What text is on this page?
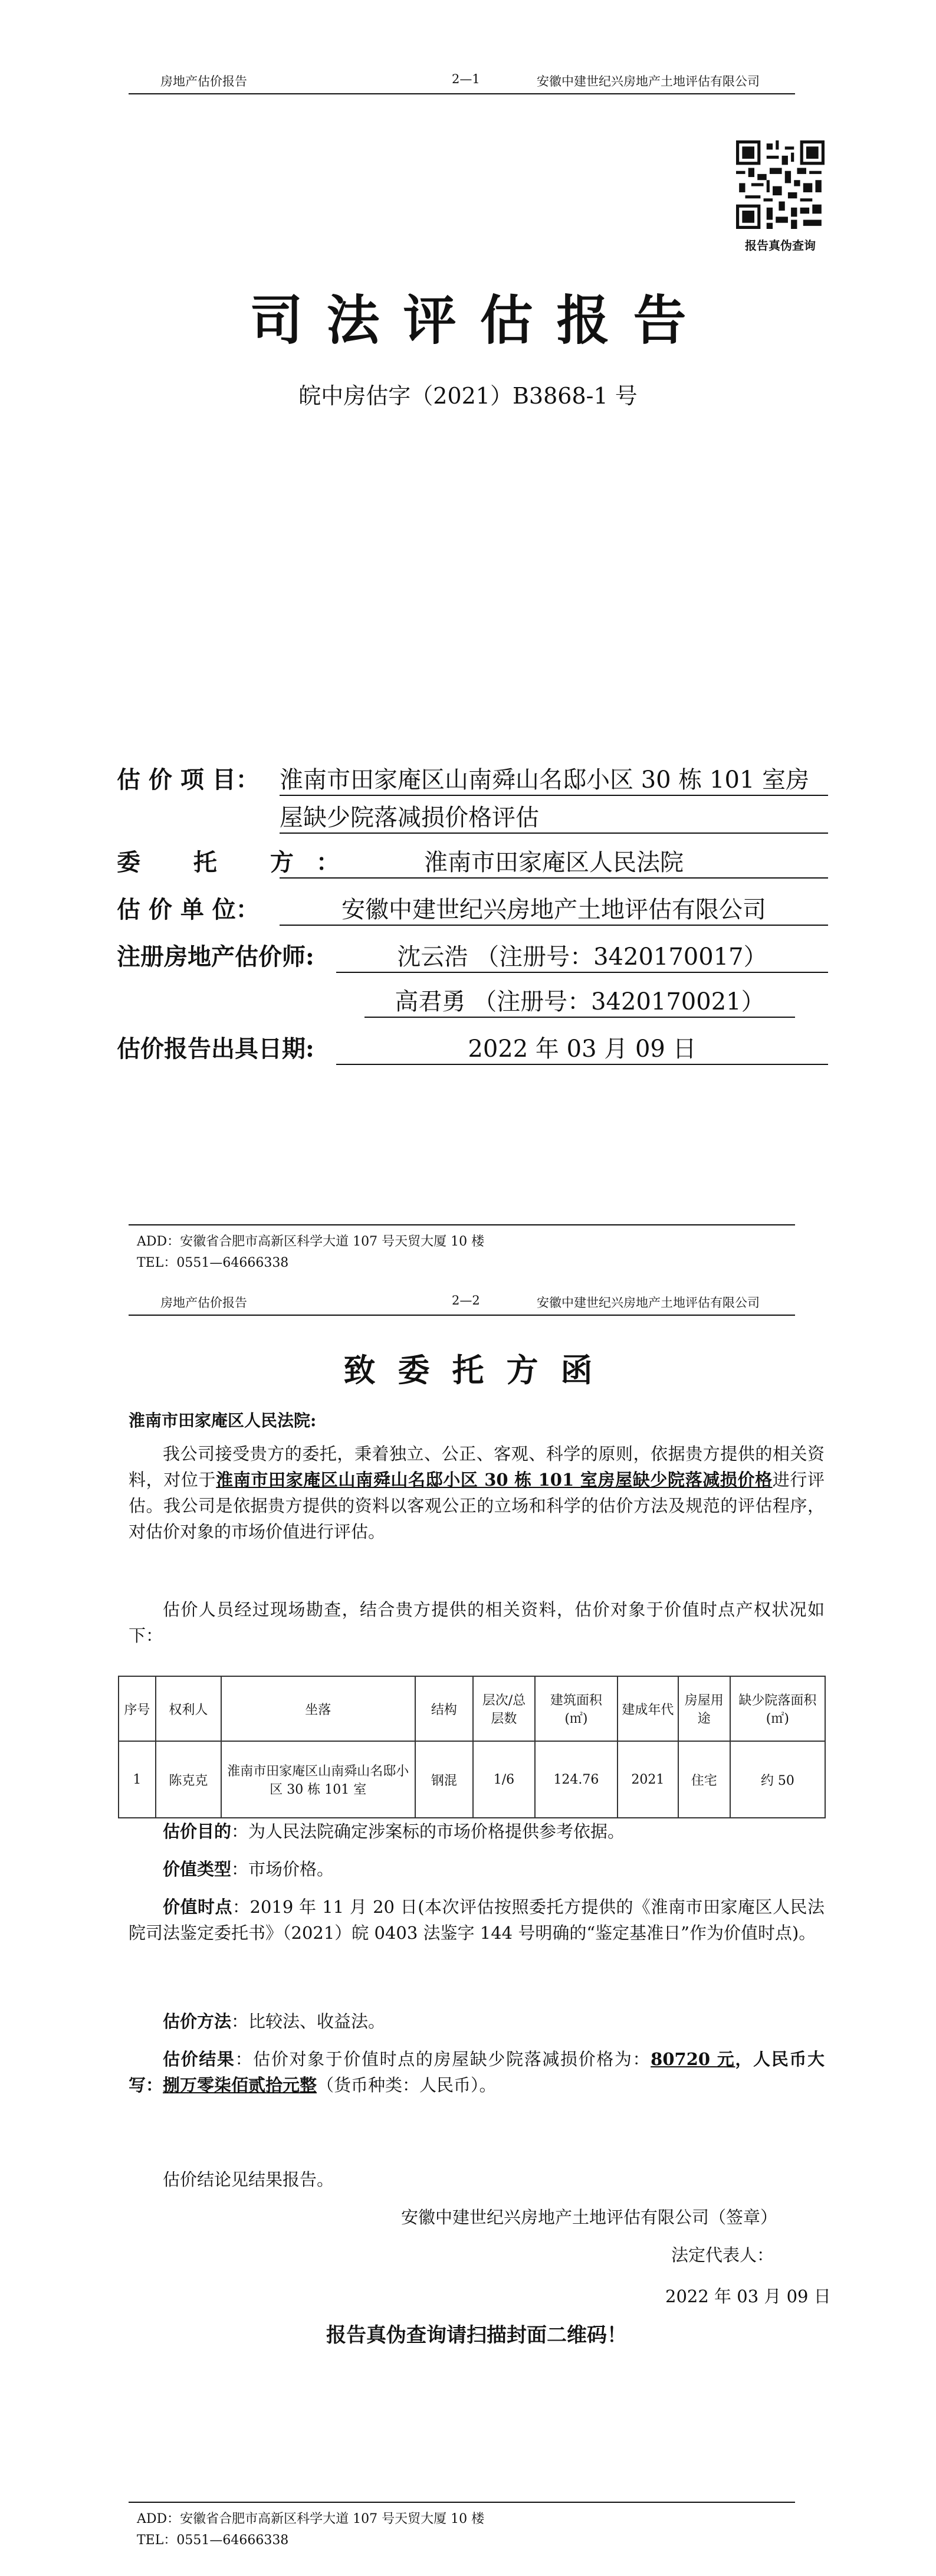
房地产估价报告	2—1	安徽中建世纪兴房地产土地评估有限公司
报告真伪查询
司法评估报告
皖中房估字（2021）B3868-1 号
估 价 项 目： 淮南市田家庵区山南舜山名邸小区 30 栋 101 室房
屋缺少院落减损价格评估
委 托 方：	淮南市田家庵区人民法院
估 价 单 位：	安徽中建世纪兴房地产土地评估有限公司
注册房地产估价师:	沈云浩 （注册号：3420170017）
高君勇 （注册号：3420170021）
估价报告出具日期:	2022 年 03 月 09 日
ADD：安徽省合肥市高新区科学大道 107 号天贸大厦 10 楼
TEL：0551—64666338
房地产估价报告	2—2	安徽中建世纪兴房地产土地评估有限公司
致委托方函
淮南市田家庵区人民法院:
我公司接受贵方的委托，秉着独立、公正、客观、科学的原则，依据贵方提供的相关资料，对位于淮南市田家庵区山南舜山名邸小区 30 栋 101 室房屋缺少院落减损价格进行评估。我公司是依据贵方提供的资料以客观公正的立场和科学的估价方法及规范的评估程序，对估价对象的市场价值进行评估。
估价人员经过现场勘查，结合贵方提供的相关资料，估价对象于价值时点产权状况如下：
序号	权利人	坐落	结构	层次/总层数	建筑面积(㎡)	建成年代	房屋用途	缺少院落面积(㎡)
1	陈克克	淮南市田家庵区山南舜山名邸小区 30 栋 101 室	钢混	1/6	124.76	2021	住宅	约 50
估价目的：为人民法院确定涉案标的市场价格提供参考依据。
价值类型：市场价格。
价值时点：2019 年 11 月 20 日(本次评估按照委托方提供的《淮南市田家庵区人民法院司法鉴定委托书》（2021）皖 0403 法鉴字 144 号明确的“鉴定基准日”作为价值时点)。
估价方法：比较法、收益法。
估价结果：估价对象于价值时点的房屋缺少院落减损价格为：80720 元，人民币大写：捌万零柒佰贰拾元整（货币种类：人民币）。
估价结论见结果报告。
安徽中建世纪兴房地产土地评估有限公司（签章）
法定代表人：
2022 年 03 月 09 日
报告真伪查询请扫描封面二维码！
ADD：安徽省合肥市高新区科学大道 107 号天贸大厦 10 楼
TEL：0551—64666338
